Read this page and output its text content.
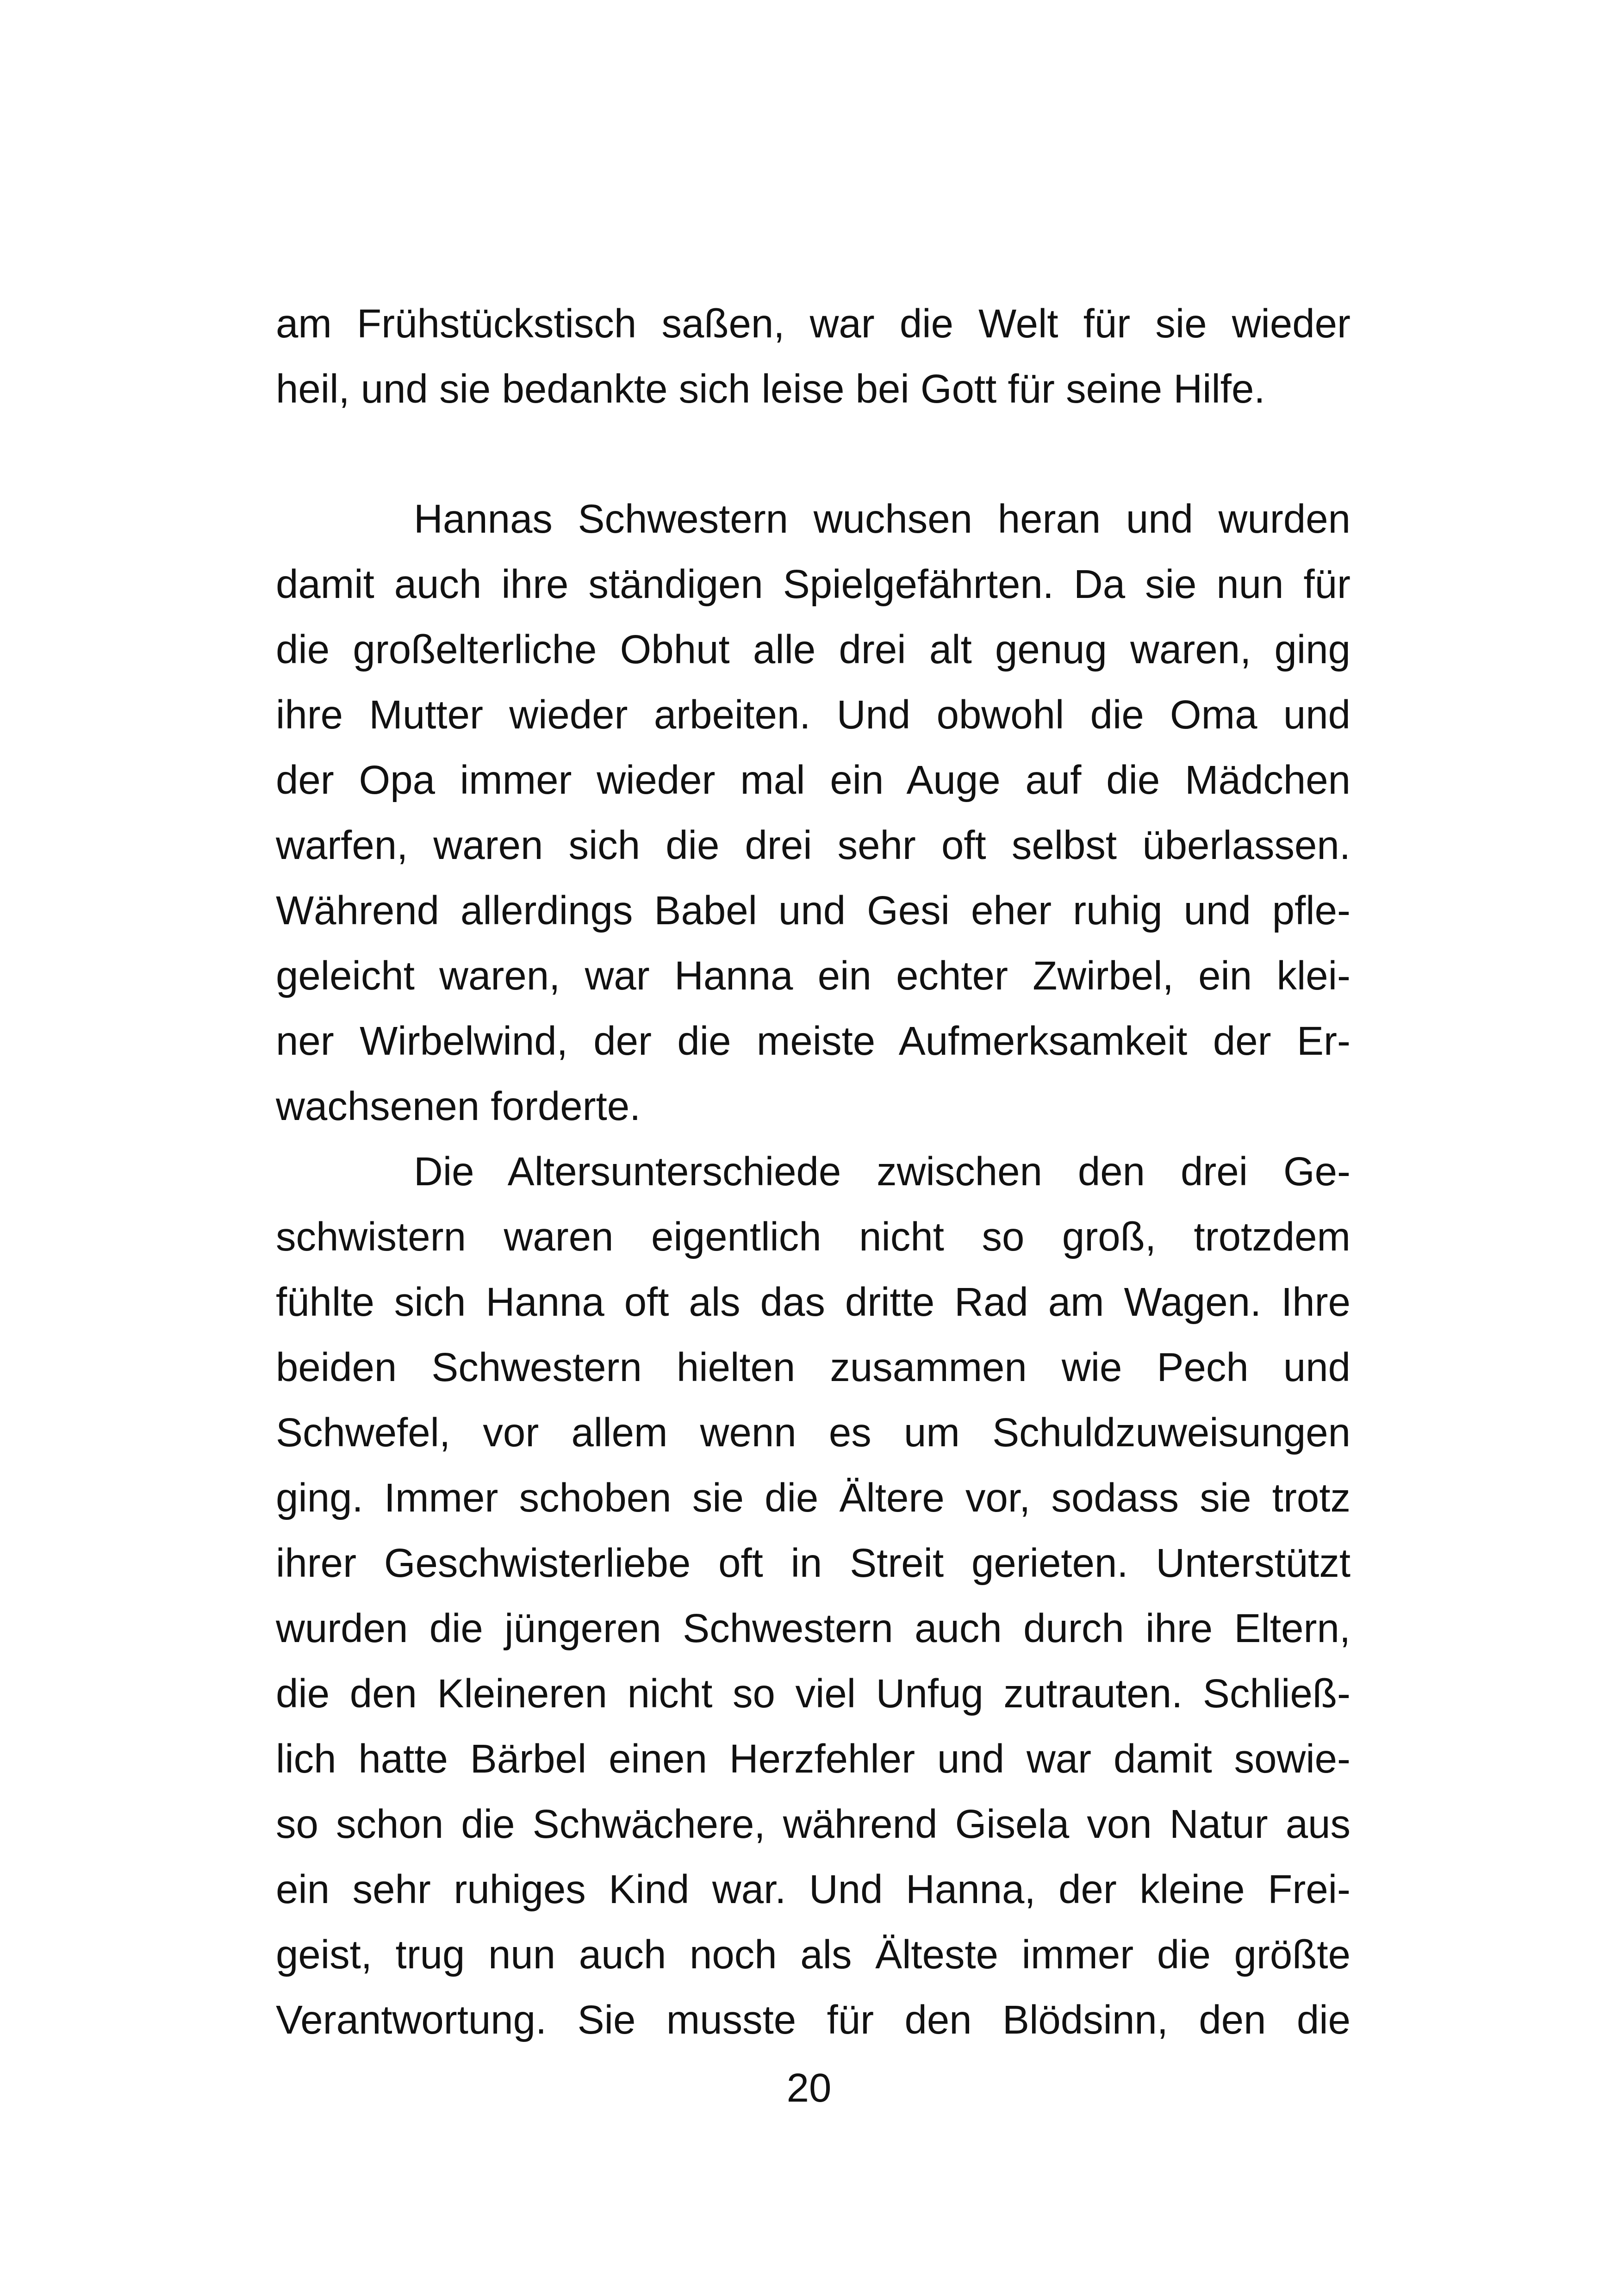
am Frühstückstisch saßen, war die Welt für sie wieder
heil, und sie bedankte sich leise bei Gott für seine Hilfe.
Hannas Schwestern wuchsen heran und wurden
damit auch ihre ständigen Spielgefährten. Da sie nun für
die großelterliche Obhut alle drei alt genug waren, ging
ihre Mutter wieder arbeiten. Und obwohl die Oma und
der Opa immer wieder mal ein Auge auf die Mädchen
warfen, waren sich die drei sehr oft selbst überlassen.
Während allerdings Babel und Gesi eher ruhig und pfle-
geleicht waren, war Hanna ein echter Zwirbel, ein klei-
ner Wirbelwind, der die meiste Aufmerksamkeit der Er-
wachsenen forderte.
Die Altersunterschiede zwischen den drei Ge-
schwistern waren eigentlich nicht so groß, trotzdem
fühlte sich Hanna oft als das dritte Rad am Wagen. Ihre
beiden Schwestern hielten zusammen wie Pech und
Schwefel, vor allem wenn es um Schuldzuweisungen
ging. Immer schoben sie die Ältere vor, sodass sie trotz
ihrer Geschwisterliebe oft in Streit gerieten. Unterstützt
wurden die jüngeren Schwestern auch durch ihre Eltern,
die den Kleineren nicht so viel Unfug zutrauten. Schließ-
lich hatte Bärbel einen Herzfehler und war damit sowie-
so schon die Schwächere, während Gisela von Natur aus
ein sehr ruhiges Kind war. Und Hanna, der kleine Frei-
geist, trug nun auch noch als Älteste immer die größte
Verantwortung. Sie musste für den Blödsinn, den die
20
